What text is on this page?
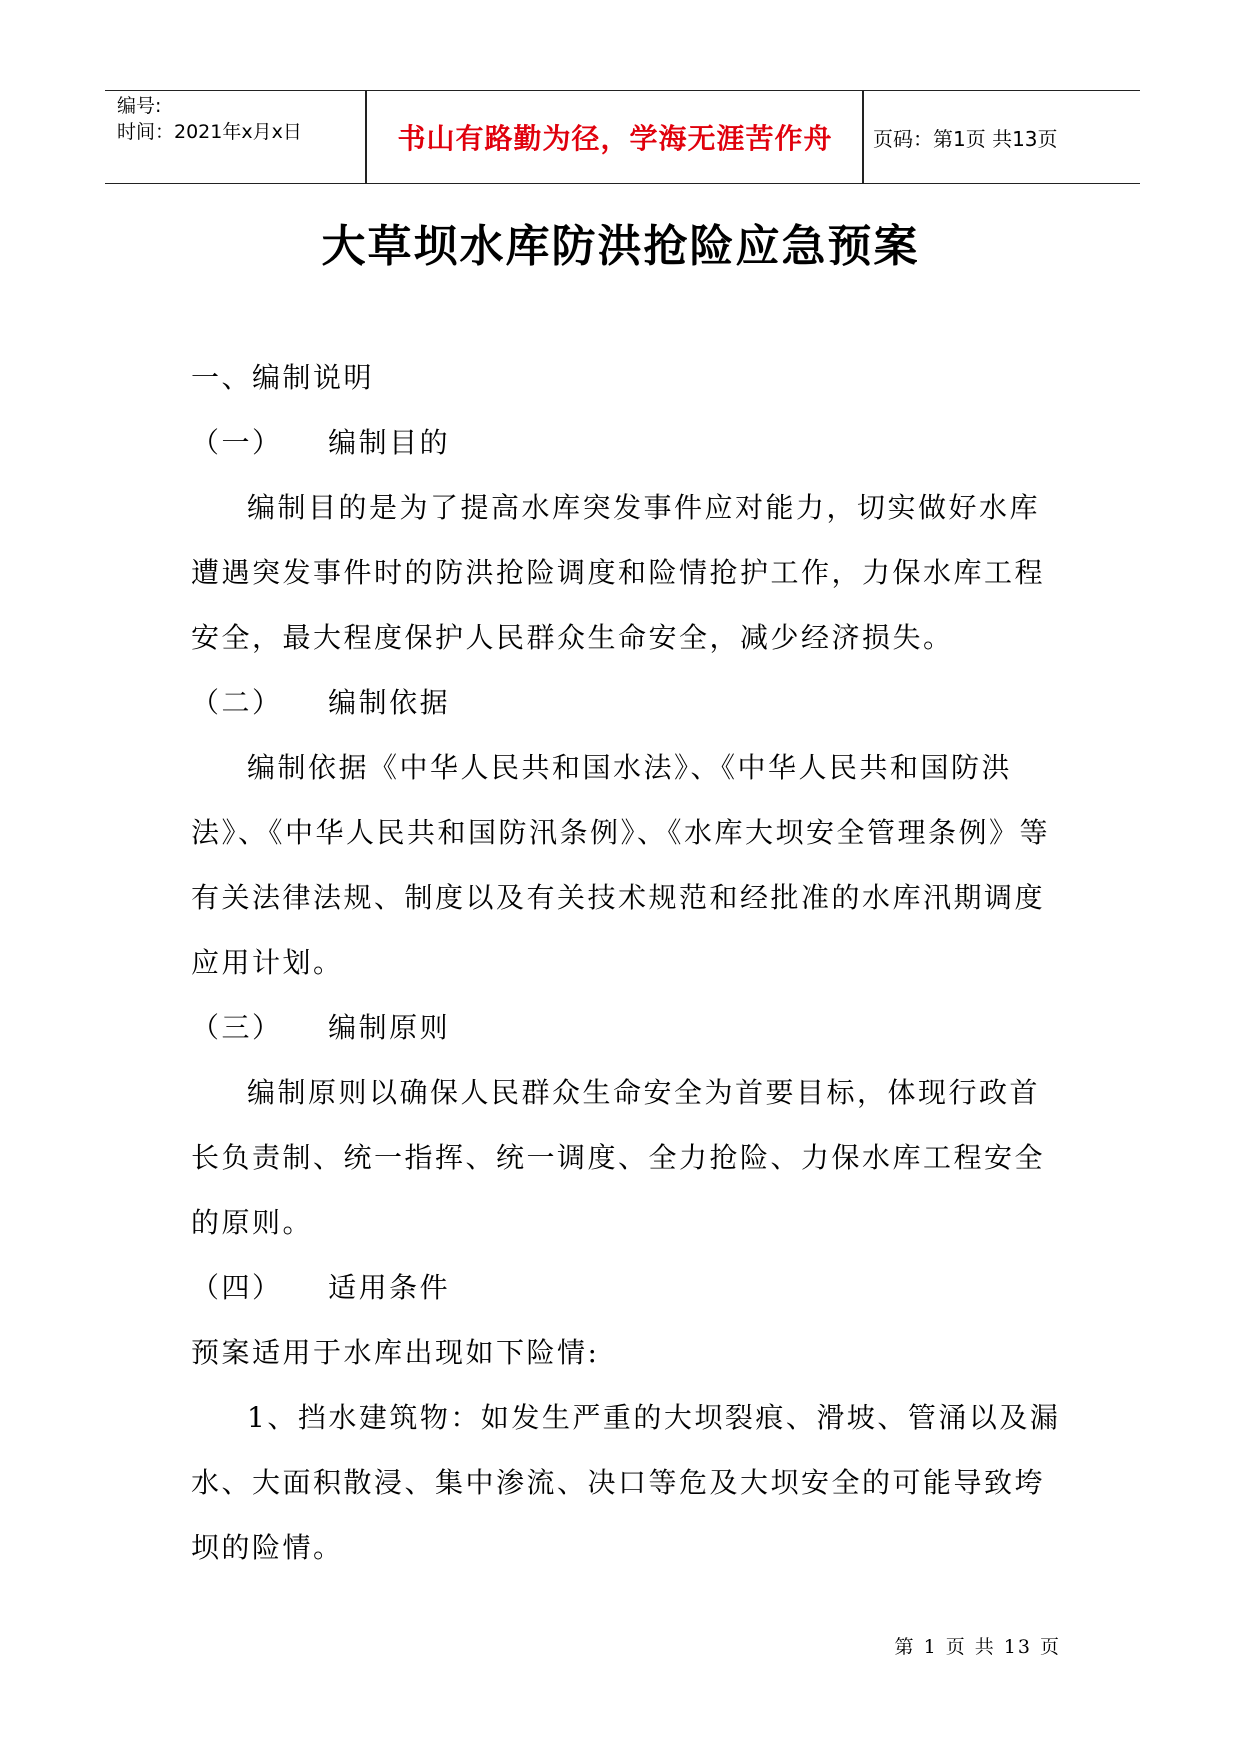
编号:
时间：2021年x月x日	书山有路勤为径，学海无涯苦作舟	页码：第1页 共13页
大草坝水库防洪抢险应急预案

一、编制说明

（一）    编制目的

编制目的是为了提高水库突发事件应对能力，切实做好水库遭遇突发事件时的防洪抢险调度和险情抢护工作，力保水库工程安全，最大程度保护人民群众生命安全，减少经济损失。

（二）    编制依据

编制依据《中华人民共和国水法》、《中华人民共和国防洪法》、《中华人民共和国防汛条例》、《水库大坝安全管理条例》等有关法律法规、制度以及有关技术规范和经批准的水库汛期调度应用计划。

（三）    编制原则

编制原则以确保人民群众生命安全为首要目标，体现行政首长负责制、统一指挥、统一调度、全力抢险、力保水库工程安全的原则。

（四）    适用条件

预案适用于水库出现如下险情:

1、挡水建筑物：如发生严重的大坝裂痕、滑坡、管涌以及漏水、大面积散浸、集中渗流、决口等危及大坝安全的可能导致垮坝的险情。

第 1 页 共 13 页
